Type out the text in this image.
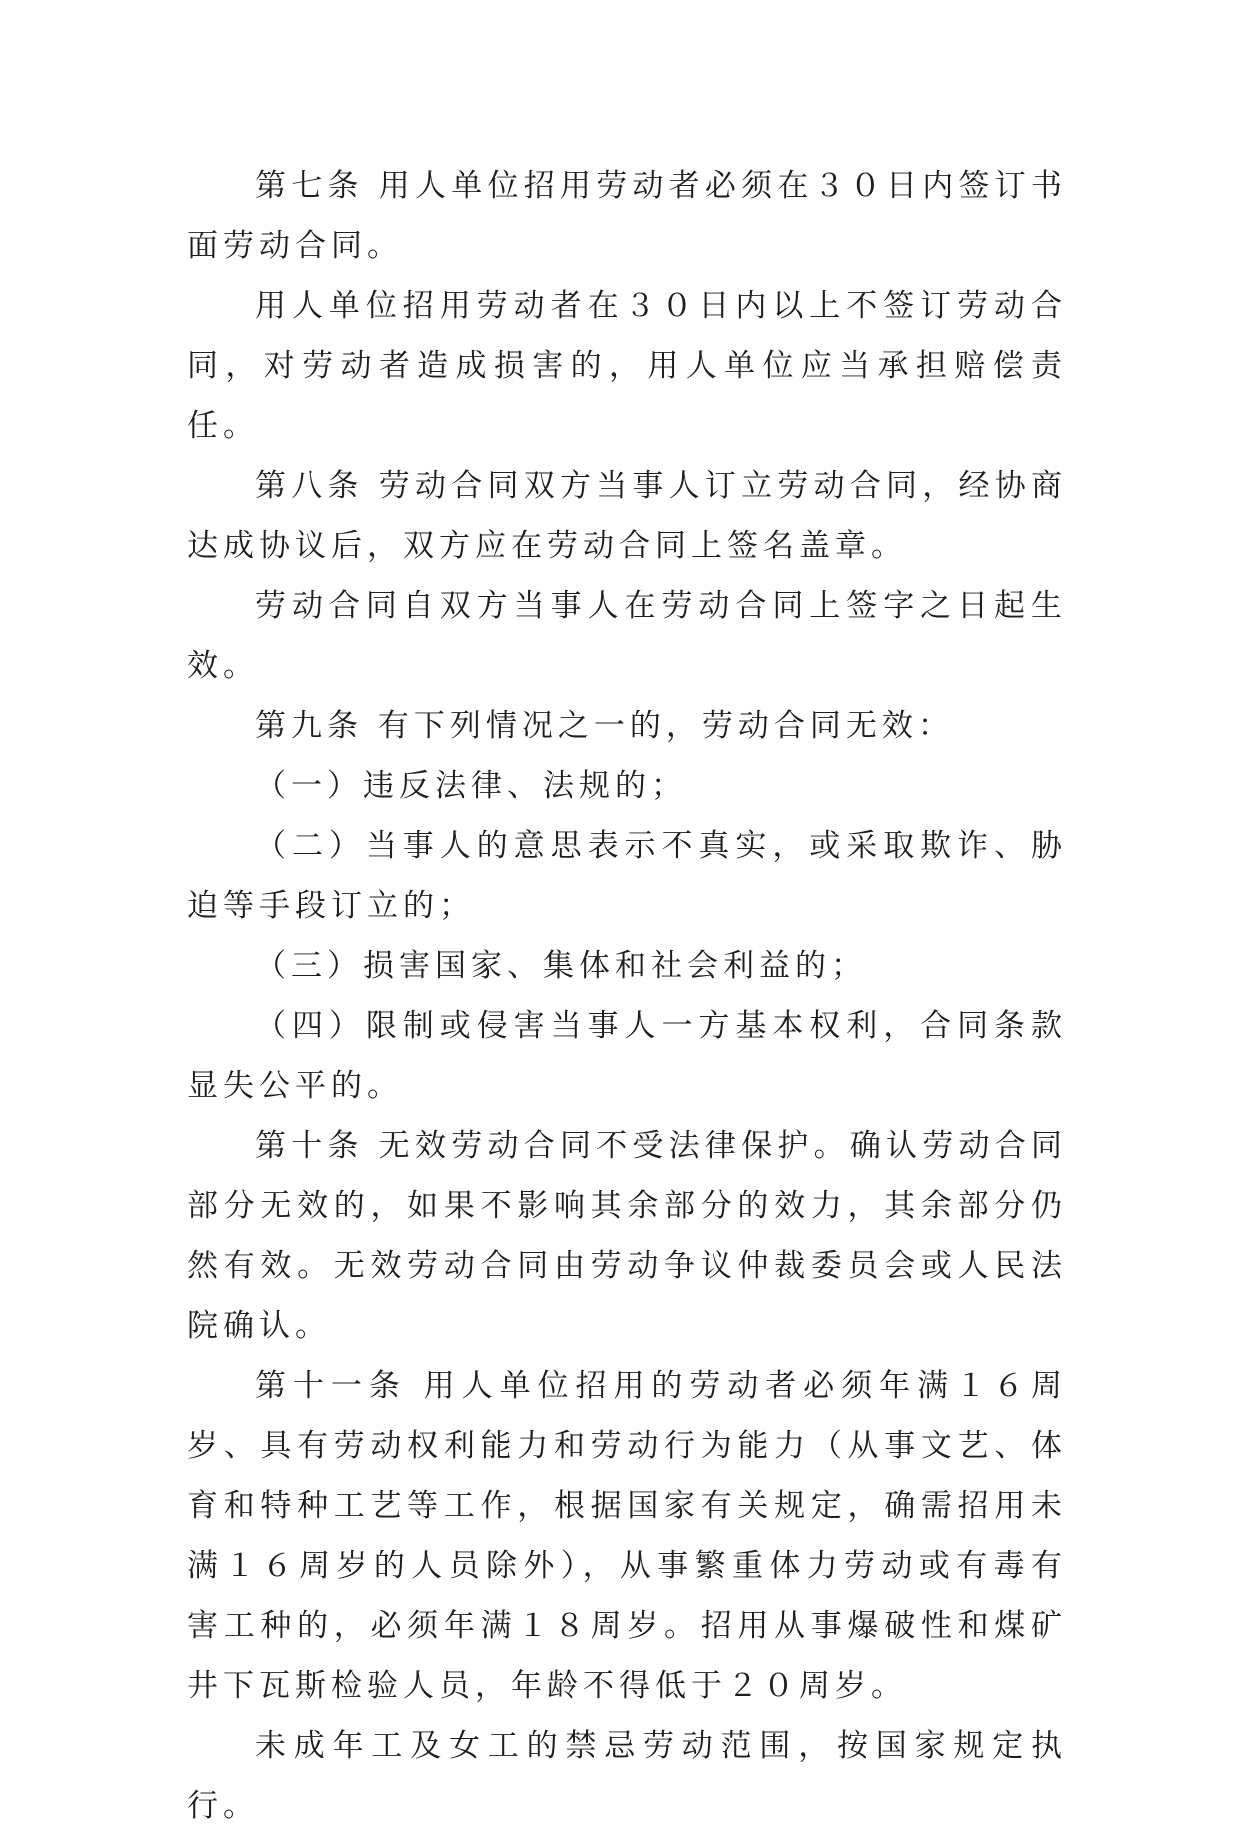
第七条 用人单位招用劳动者必须在３０日内签订书面劳动合同。

用人单位招用劳动者在３０日内以上不签订劳动合同，对劳动者造成损害的，用人单位应当承担赔偿责任。

第八条 劳动合同双方当事人订立劳动合同，经协商达成协议后，双方应在劳动合同上签名盖章。

劳动合同自双方当事人在劳动合同上签字之日起生效。

第九条 有下列情况之一的，劳动合同无效：

（一）违反法律、法规的；

（二）当事人的意思表示不真实，或采取欺诈、胁迫等手段订立的；

（三）损害国家、集体和社会利益的；

（四）限制或侵害当事人一方基本权利，合同条款显失公平的。

第十条 无效劳动合同不受法律保护。确认劳动合同部分无效的，如果不影响其余部分的效力，其余部分仍然有效。无效劳动合同由劳动争议仲裁委员会或人民法院确认。

第十一条 用人单位招用的劳动者必须年满１６周岁、具有劳动权利能力和劳动行为能力（从事文艺、体育和特种工艺等工作，根据国家有关规定，确需招用未满１６周岁的人员除外），从事繁重体力劳动或有毒有害工种的，必须年满１８周岁。招用从事爆破性和煤矿井下瓦斯检验人员，年龄不得低于２０周岁。

未成年工及女工的禁忌劳动范围，按国家规定执行。
